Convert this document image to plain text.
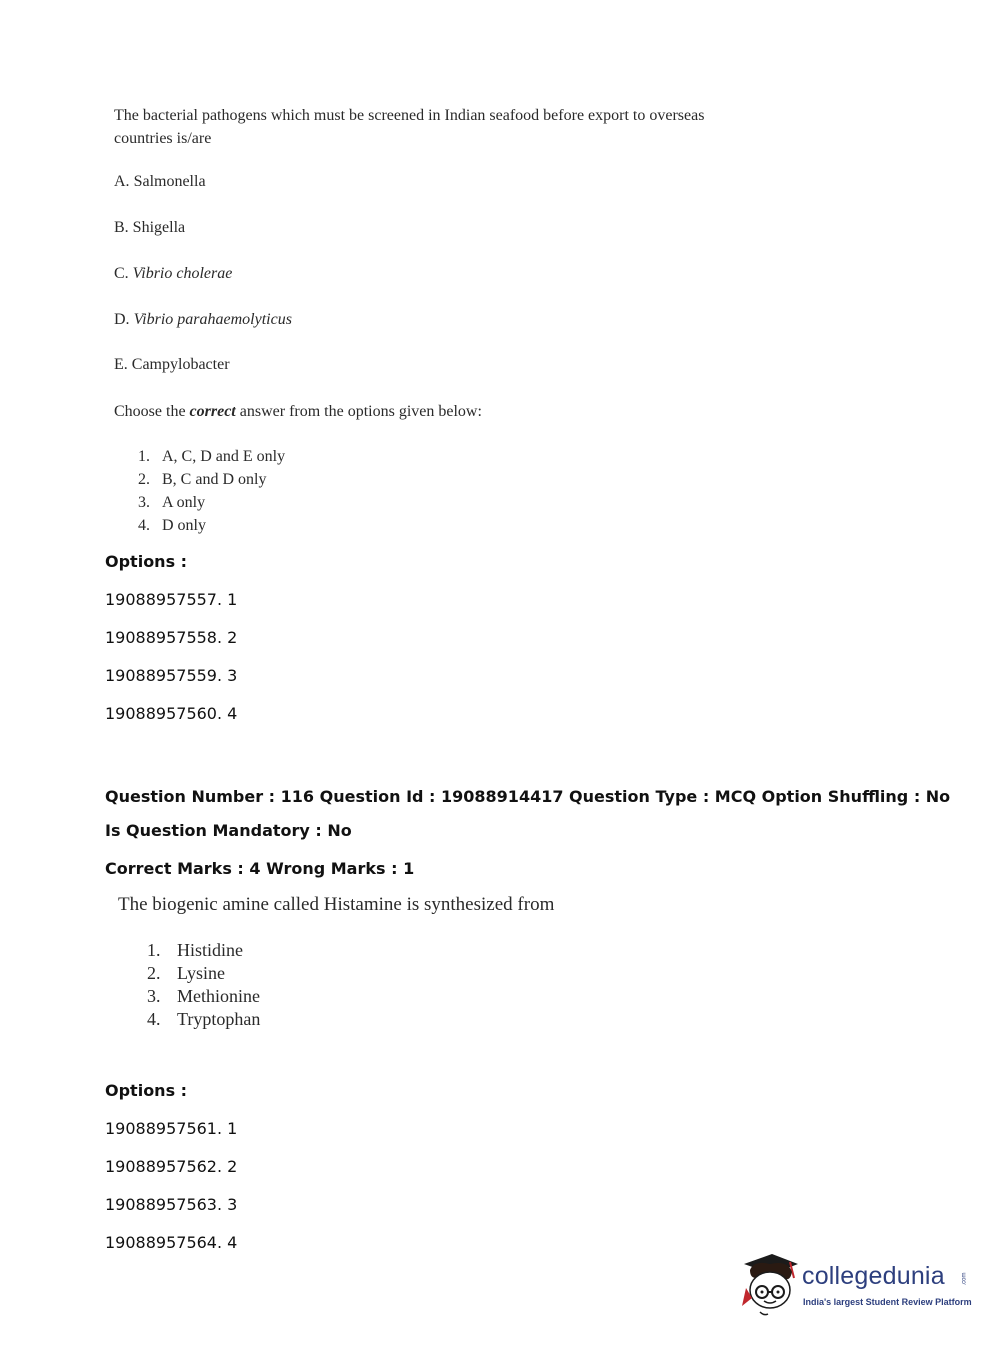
The bacterial pathogens which must be screened in Indian seafood before export to overseas countries is/are
A. Salmonella
B. Shigella
C. Vibrio cholerae
D. Vibrio parahaemolyticus
E. Campylobacter
Choose the correct answer from the options given below:
1. A, C, D and E only
2. B, C and D only
3. A only
4. D only
Options :
19088957557. 1
19088957558. 2
19088957559. 3
19088957560. 4
Question Number : 116 Question Id : 19088914417 Question Type : MCQ Option Shuffling : No
Is Question Mandatory : No
Correct Marks : 4 Wrong Marks : 1
The biogenic amine called Histamine is synthesized from
1. Histidine
2. Lysine
3. Methionine
4. Tryptophan
Options :
19088957561. 1
19088957562. 2
19088957563. 3
19088957564. 4
collegedunia	.com
India's largest Student Review Platform
